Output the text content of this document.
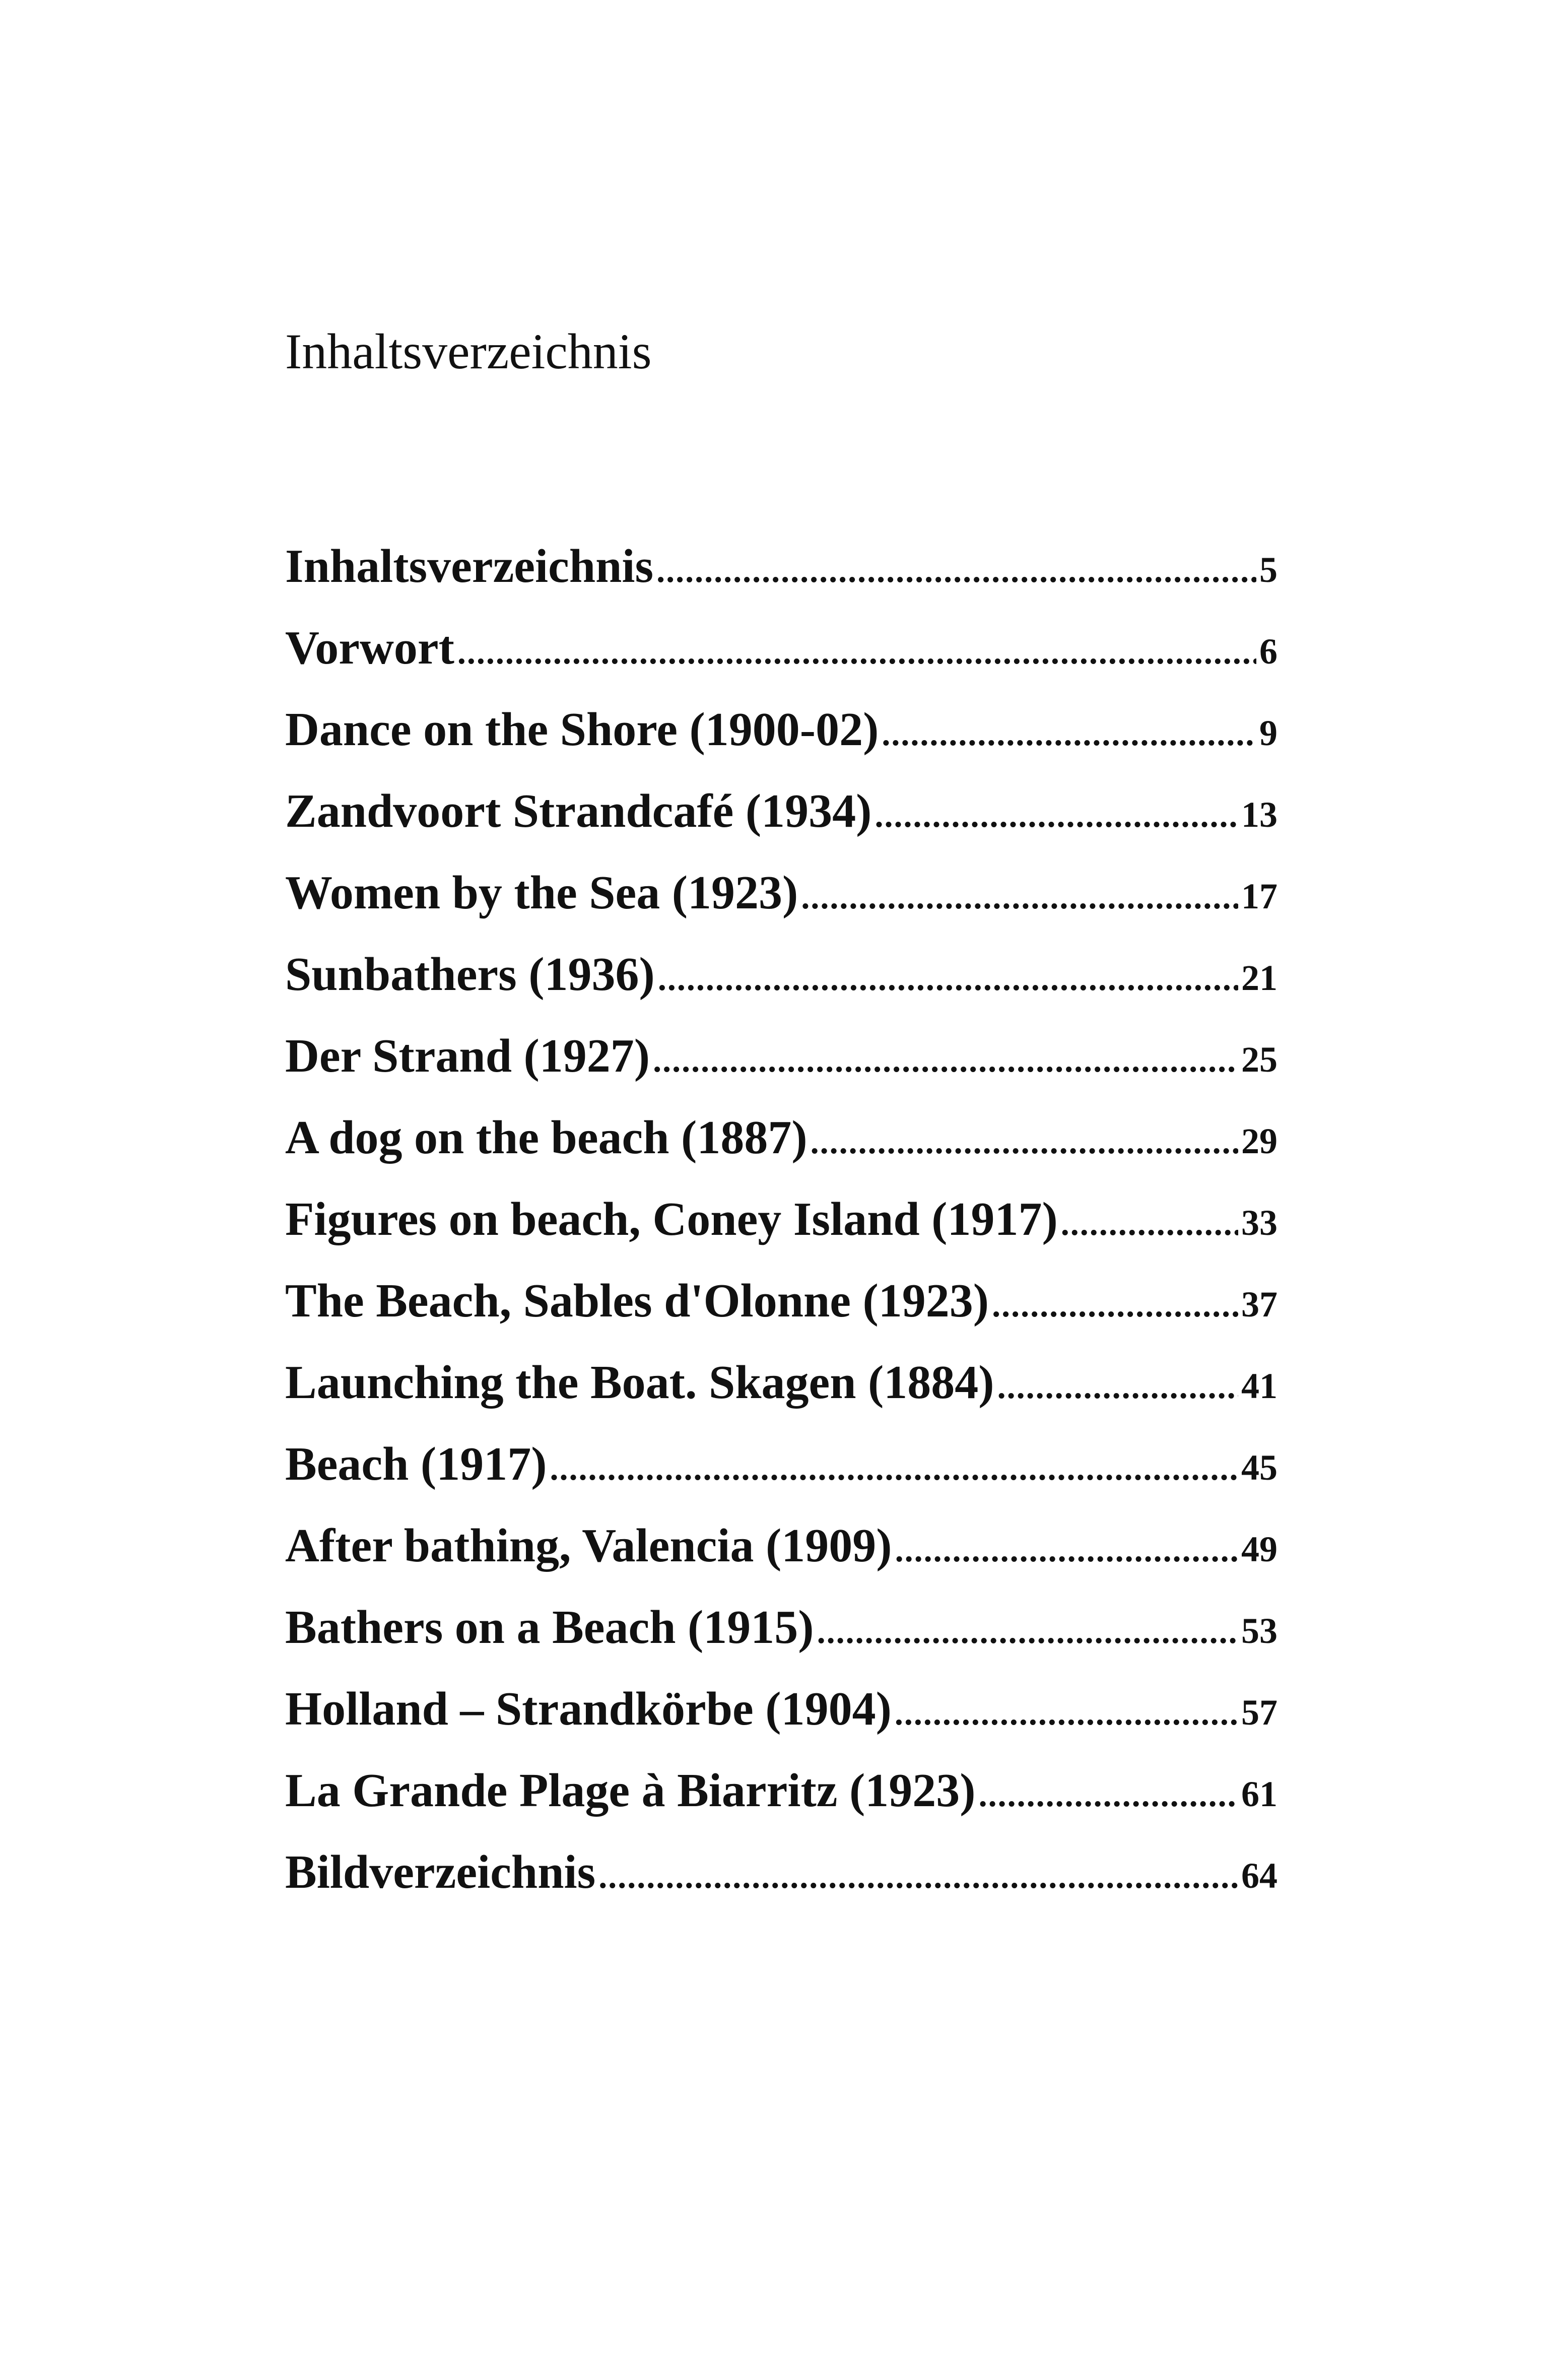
Inhaltsverzeichnis
Inhaltsverzeichnis .....	5
Vorwort .....	6
Dance on the Shore (1900-02) .....	9
Zandvoort Strandcafé (1934) .....	13
Women by the Sea (1923) .....	17
Sunbathers (1936) .....	21
Der Strand (1927) .....	25
A dog on the beach (1887) .....	29
Figures on beach, Coney Island (1917) .....	33
The Beach, Sables d'Olonne (1923) .....	37
Launching the Boat. Skagen (1884) .....	41
Beach (1917) .....	45
After bathing, Valencia (1909) .....	49
Bathers on a Beach (1915) .....	53
Holland – Strandkörbe (1904) .....	57
La Grande Plage à Biarritz (1923) .....	61
Bildverzeichnis .....	64
